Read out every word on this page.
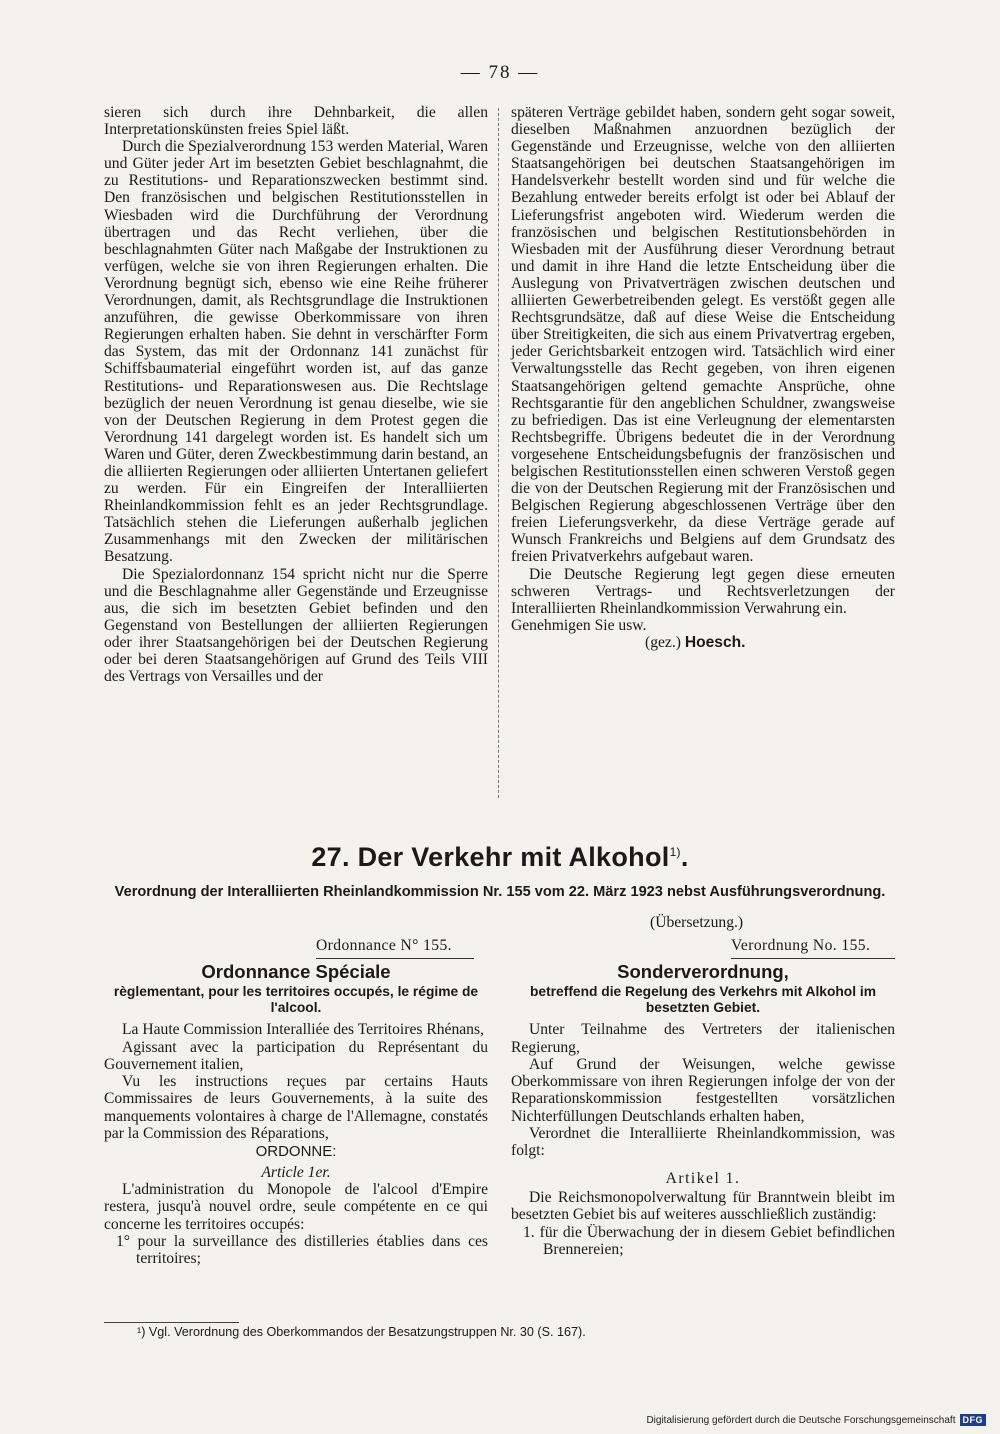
— 78 —

sieren sich durch ihre Dehnbarkeit, die allen Interpretationskünsten freies Spiel läßt.

Durch die Spezialverordnung 153 werden Material, Waren und Güter jeder Art im besetzten Gebiet beschlagnahmt, die zu Restitutions- und Reparationszwecken bestimmt sind. Den französischen und belgischen Restitutionsstellen in Wiesbaden wird die Durchführung der Verordnung übertragen und das Recht verliehen, über die beschlagnahmten Güter nach Maßgabe der Instruktionen zu verfügen, welche sie von ihren Regierungen erhalten. Die Verordnung begnügt sich, ebenso wie eine Reihe früherer Verordnungen, damit, als Rechtsgrundlage die Instruktionen anzuführen, die gewisse Oberkommissare von ihren Regierungen erhalten haben. Sie dehnt in verschärfter Form das System, das mit der Ordonnanz 141 zunächst für Schiffsbaumaterial eingeführt worden ist, auf das ganze Restitutions- und Reparationswesen aus. Die Rechtslage bezüglich der neuen Verordnung ist genau dieselbe, wie sie von der Deutschen Regierung in dem Protest gegen die Verordnung 141 dargelegt worden ist. Es handelt sich um Waren und Güter, deren Zweckbestimmung darin bestand, an die alliierten Regierungen oder alliierten Untertanen geliefert zu werden. Für ein Eingreifen der Interalliierten Rheinlandkommission fehlt es an jeder Rechtsgrundlage. Tatsächlich stehen die Lieferungen außerhalb jeglichen Zusammenhangs mit den Zwecken der militärischen Besatzung.

Die Spezialordonnanz 154 spricht nicht nur die Sperre und die Beschlagnahme aller Gegenstände und Erzeugnisse aus, die sich im besetzten Gebiet befinden und den Gegenstand von Bestellungen der alliierten Regierungen oder ihrer Staatsangehörigen bei der Deutschen Regierung oder bei deren Staatsangehörigen auf Grund des Teils VIII des Vertrags von Versailles und der

späteren Verträge gebildet haben, sondern geht sogar soweit, dieselben Maßnahmen anzuordnen bezüglich der Gegenstände und Erzeugnisse, welche von den alliierten Staatsangehörigen bei deutschen Staatsangehörigen im Handelsverkehr bestellt worden sind und für welche die Bezahlung entweder bereits erfolgt ist oder bei Ablauf der Lieferungsfrist angeboten wird. Wiederum werden die französischen und belgischen Restitutionsbehörden in Wiesbaden mit der Ausführung dieser Verordnung betraut und damit in ihre Hand die letzte Entscheidung über die Auslegung von Privatverträgen zwischen deutschen und alliierten Gewerbetreibenden gelegt. Es verstößt gegen alle Rechtsgrundsätze, daß auf diese Weise die Entscheidung über Streitigkeiten, die sich aus einem Privatvertrag ergeben, jeder Gerichtsbarkeit entzogen wird. Tatsächlich wird einer Verwaltungsstelle das Recht gegeben, von ihren eigenen Staatsangehörigen geltend gemachte Ansprüche, ohne Rechtsgarantie für den angeblichen Schuldner, zwangsweise zu befriedigen. Das ist eine Verleugnung der elementarsten Rechtsbegriffe. Übrigens bedeutet die in der Verordnung vorgesehene Entscheidungsbefugnis der französischen und belgischen Restitutionsstellen einen schweren Verstoß gegen die von der Deutschen Regierung mit der Französischen und Belgischen Regierung abgeschlossenen Verträge über den freien Lieferungsverkehr, da diese Verträge gerade auf Wunsch Frankreichs und Belgiens auf dem Grundsatz des freien Privatverkehrs aufgebaut waren.

Die Deutsche Regierung legt gegen diese erneuten schweren Vertrags- und Rechtsverletzungen der Interalliierten Rheinlandkommission Verwahrung ein.

Genehmigen Sie usw.

(gez.) Hoesch.

27. Der Verkehr mit Alkohol$^{1)}$.
Verordnung der Interalliierten Rheinlandkommission Nr. 155 vom 22. März 1923 nebst Ausführungsverordnung.
(Übersetzung.)
Ordonnance N° 155.	Verordnung No. 155.
Ordonnance Spéciale
règlementant, pour les territoires occupés, le régime de l'alcool.

La Haute Commission Interalliée des Territoires Rhénans,

Agissant avec la participation du Représentant du Gouvernement italien,

Vu les instructions reçues par certains Hauts Commissaires de leurs Gouvernements, à la suite des manquements volontaires à charge de l'Allemagne, constatés par la Commission des Réparations,

ORDONNE:
Article 1er.

L'administration du Monopole de l'alcool d'Empire restera, jusqu'à nouvel ordre, seule compétente en ce qui concerne les territoires occupés:

1° pour la surveillance des distilleries établies dans ces territoires;

Sonderverordnung,
betreffend die Regelung des Verkehrs mit Alkohol im besetzten Gebiet.

Unter Teilnahme des Vertreters der italienischen Regierung,

Auf Grund der Weisungen, welche gewisse Oberkommissare von ihren Regierungen infolge der von der Reparationskommission festgestellten vorsätzlichen Nichterfüllungen Deutschlands erhalten haben,

Verordnet die Interalliierte Rheinlandkommission, was folgt:

Artikel 1.

Die Reichsmonopolverwaltung für Branntwein bleibt im besetzten Gebiet bis auf weiteres ausschließlich zuständig:

1. für die Überwachung der in diesem Gebiet befindlichen Brennereien;

¹) Vgl. Verordnung des Oberkommandos der Besatzungstruppen Nr. 30 (S. 167).
Digitalisierung gefördert durch die Deutsche Forschungsgemeinschaft DFG
